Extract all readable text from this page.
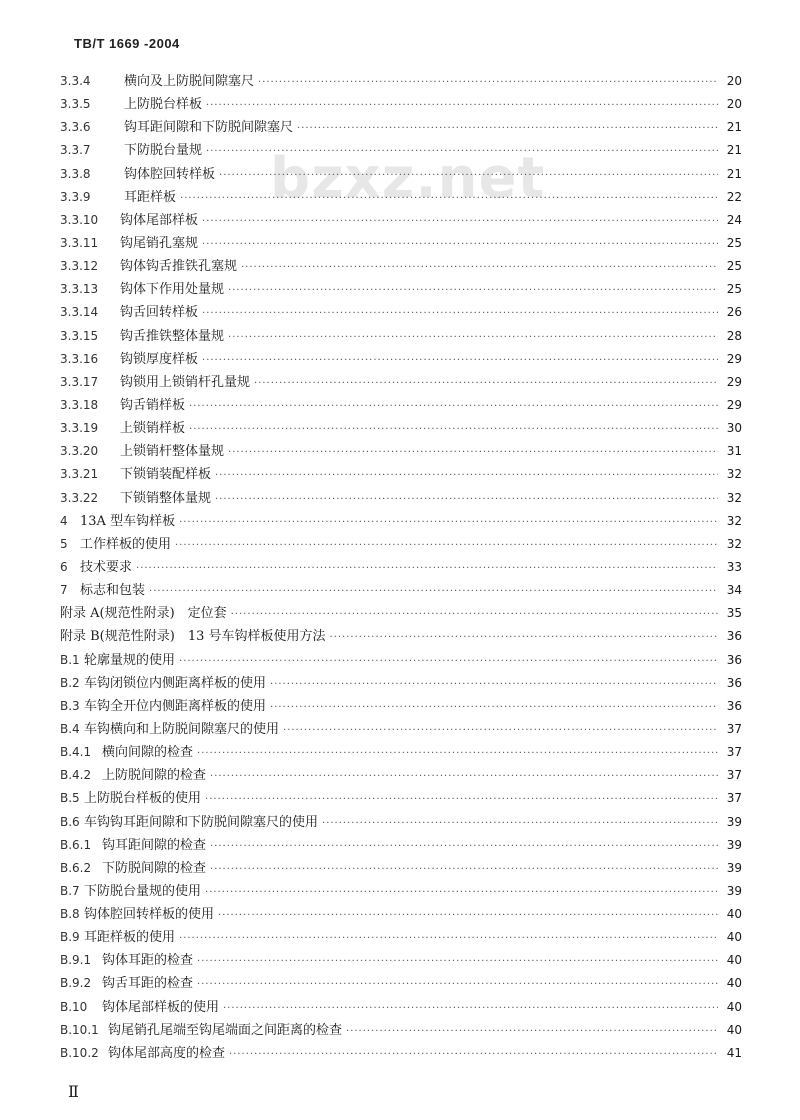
TB/T 1669 -2004
bzxz.net
3.3.4	横向及上防脱间隙塞尺 ·····	20
3.3.5	上防脱台样板 ·····	20
3.3.6	钩耳距间隙和下防脱间隙塞尺 ·····	21
3.3.7	下防脱台量规 ·····	21
3.3.8	钩体腔回转样板 ·····	21
3.3.9	耳距样板 ·····	22
3.3.10	钩体尾部样板 ·····	24
3.3.11	钩尾销孔塞规 ·····	25
3.3.12	钩体钩舌推铁孔塞规 ·····	25
3.3.13	钩体下作用处量规 ·····	25
3.3.14	钩舌回转样板 ·····	26
3.3.15	钩舌推铁整体量规 ·····	28
3.3.16	钩锁厚度样板 ·····	29
3.3.17	钩锁用上锁销杆孔量规 ·····	29
3.3.18	钩舌销样板 ·····	29
3.3.19	上锁销样板 ·····	30
3.3.20	上锁销杆整体量规 ·····	31
3.3.21	下锁销装配样板 ·····	32
3.3.22	下锁销整体量规 ·····	32
4 13A 型车钩样板 ·····	32
5 工作样板的使用 ·····	32
6 技术要求 ·····	33
7 标志和包装 ·····	34
附录 A(规范性附录)　定位套 ·····	35
附录 B(规范性附录)　13 号车钩样板使用方法 ·····	36
B.1 轮廓量规的使用 ·····	36
B.2 车钩闭锁位内侧距离样板的使用 ·····	36
B.3 车钩全开位内侧距离样板的使用 ·····	36
B.4 车钩横向和上防脱间隙塞尺的使用 ·····	37
B.4.1 横向间隙的检查 ·····	37
B.4.2 上防脱间隙的检查 ·····	37
B.5 上防脱台样板的使用 ·····	37
B.6 车钩钩耳距间隙和下防脱间隙塞尺的使用 ·····	39
B.6.1 钩耳距间隙的检查 ·····	39
B.6.2 下防脱间隙的检查 ·····	39
B.7 下防脱台量规的使用 ·····	39
B.8 钩体腔回转样板的使用 ·····	40
B.9 耳距样板的使用 ·····	40
B.9.1 钩体耳距的检查 ·····	40
B.9.2 钩舌耳距的检查 ·····	40
B.10	钩体尾部样板的使用 ·····	40
B.10.1 钩尾销孔尾端至钩尾端面之间距离的检查 ·····	40
B.10.2 钩体尾部高度的检查 ·····	41
Ⅱ
